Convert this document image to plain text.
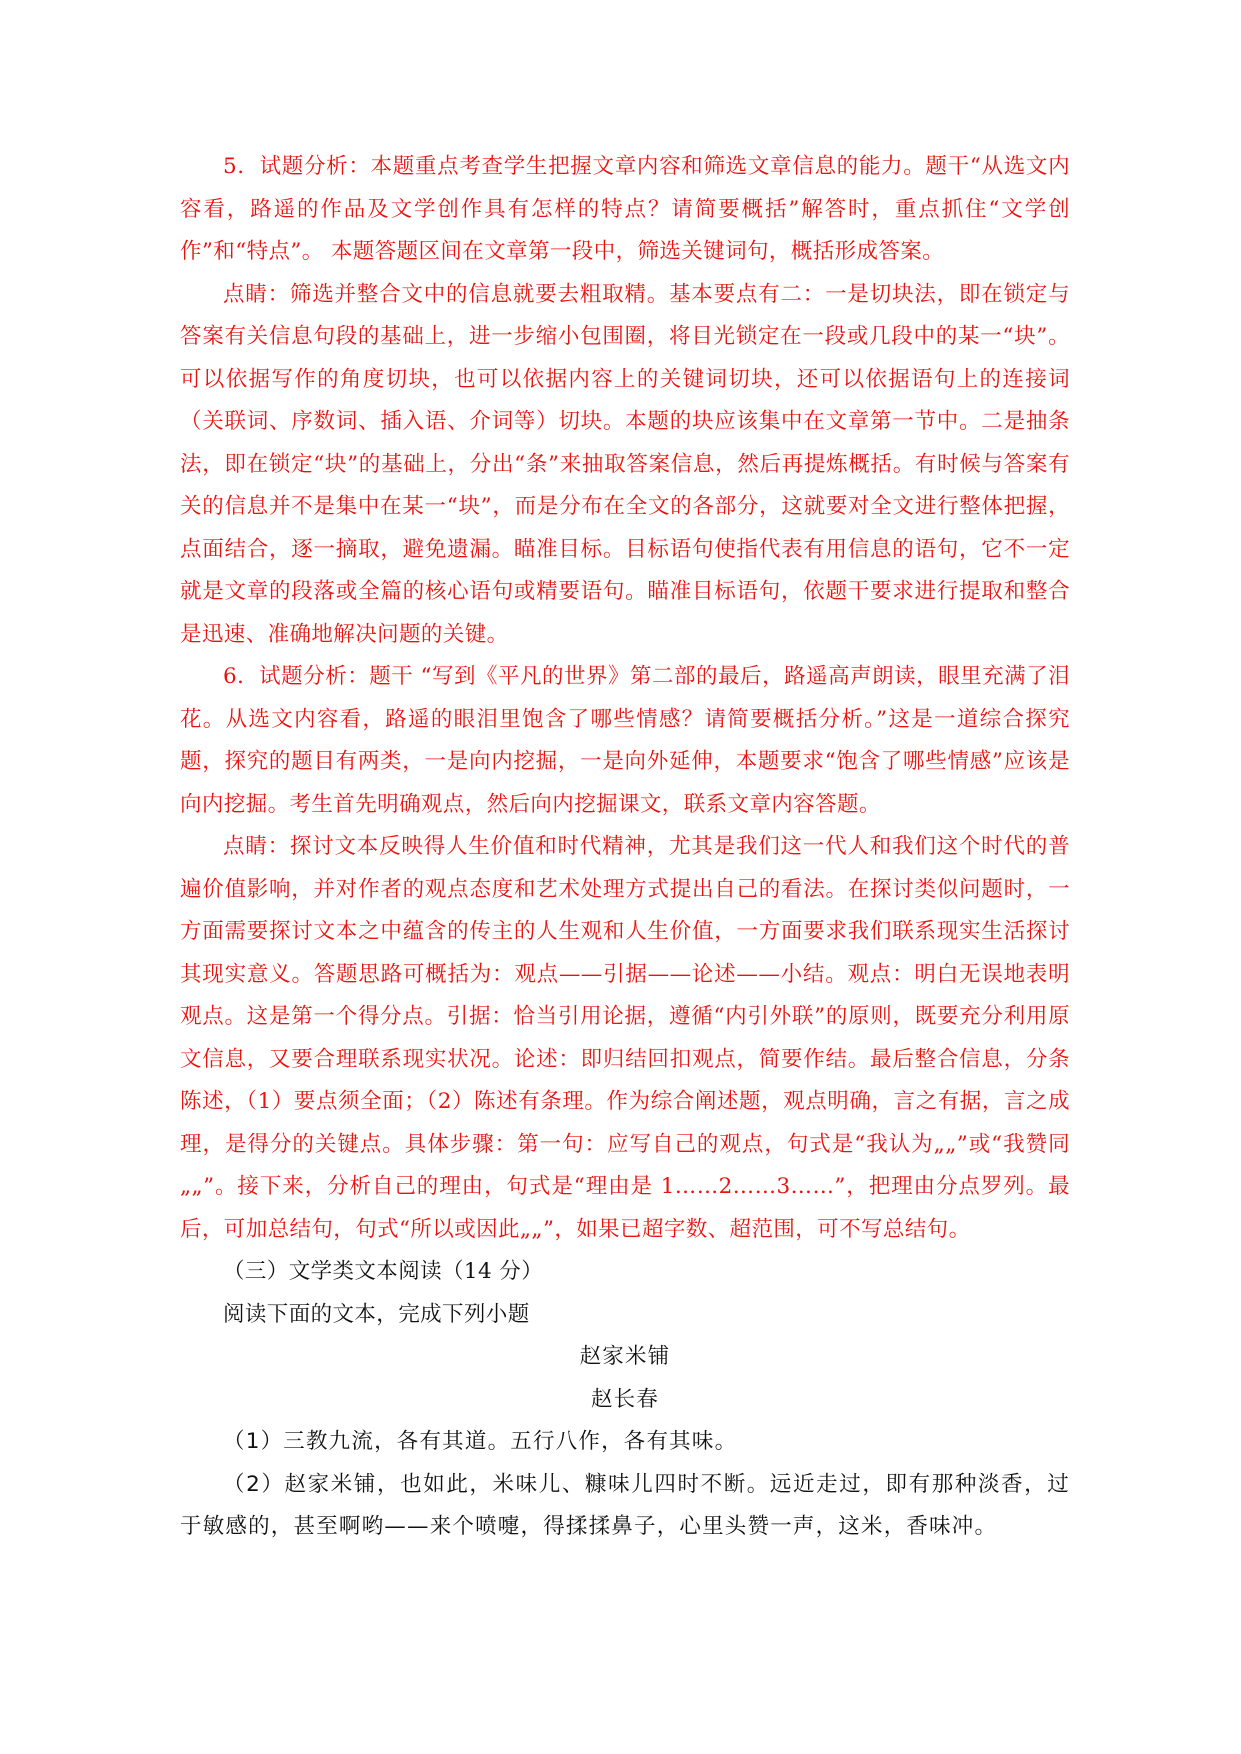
5．试题分析：本题重点考查学生把握文章内容和筛选文章信息的能力。题干“从选文内容看，路遥的作品及文学创作具有怎样的特点？请简要概括”解答时，重点抓住“文学创作”和“特点”。 本题答题区间在文章第一段中，筛选关键词句，概括形成答案。

点睛：筛选并整合文中的信息就要去粗取精。基本要点有二：一是切块法，即在锁定与答案有关信息句段的基础上，进一步缩小包围圈，将目光锁定在一段或几段中的某一“块”。可以依据写作的角度切块，也可以依据内容上的关键词切块，还可以依据语句上的连接词（关联词、序数词、插入语、介词等）切块。本题的块应该集中在文章第一节中。二是抽条法，即在锁定“块”的基础上，分出“条”来抽取答案信息，然后再提炼概括。有时候与答案有关的信息并不是集中在某一“块”，而是分布在全文的各部分，这就要对全文进行整体把握，点面结合，逐一摘取，避免遗漏。瞄准目标。目标语句使指代表有用信息的语句，它不一定就是文章的段落或全篇的核心语句或精要语句。瞄准目标语句，依题干要求进行提取和整合是迅速、准确地解决问题的关键。

6．试题分析：题干 “写到《平凡的世界》第二部的最后，路遥高声朗读，眼里充满了泪花。从选文内容看，路遥的眼泪里饱含了哪些情感？请简要概括分析。”这是一道综合探究题，探究的题目有两类，一是向内挖掘，一是向外延伸，本题要求“饱含了哪些情感”应该是向内挖掘。考生首先明确观点，然后向内挖掘课文，联系文章内容答题。

点睛：探讨文本反映得人生价值和时代精神，尤其是我们这一代人和我们这个时代的普遍价值影响，并对作者的观点态度和艺术处理方式提出自己的看法。在探讨类似问题时，一方面需要探讨文本之中蕴含的传主的人生观和人生价值，一方面要求我们联系现实生活探讨其现实意义。答题思路可概括为：观点——引据——论述——小结。观点：明白无误地表明观点。这是第一个得分点。引据：恰当引用论据，遵循“内引外联”的原则，既要充分利用原文信息，又要合理联系现实状况。论述：即归结回扣观点，简要作结。最后整合信息，分条陈述，（1）要点须全面；（2）陈述有条理。作为综合阐述题，观点明确，言之有据，言之成理，是得分的关键点。具体步骤：第一句：应写自己的观点，句式是“我认为„„”或“我赞同„„”。接下来，分析自己的理由，句式是“理由是 1……2……3……”，把理由分点罗列。最后，可加总结句，句式“所以或因此„„”，如果已超字数、超范围，可不写总结句。

（三）文学类文本阅读（14 分）

阅读下面的文本，完成下列小题

赵家米铺

赵长春

（1）三教九流，各有其道。五行八作，各有其味。

（2）赵家米铺，也如此，米味儿、糠味儿四时不断。远近走过，即有那种淡香，过于敏感的，甚至啊哟——来个喷嚏，得揉揉鼻子，心里头赞一声，这米，香味冲。
